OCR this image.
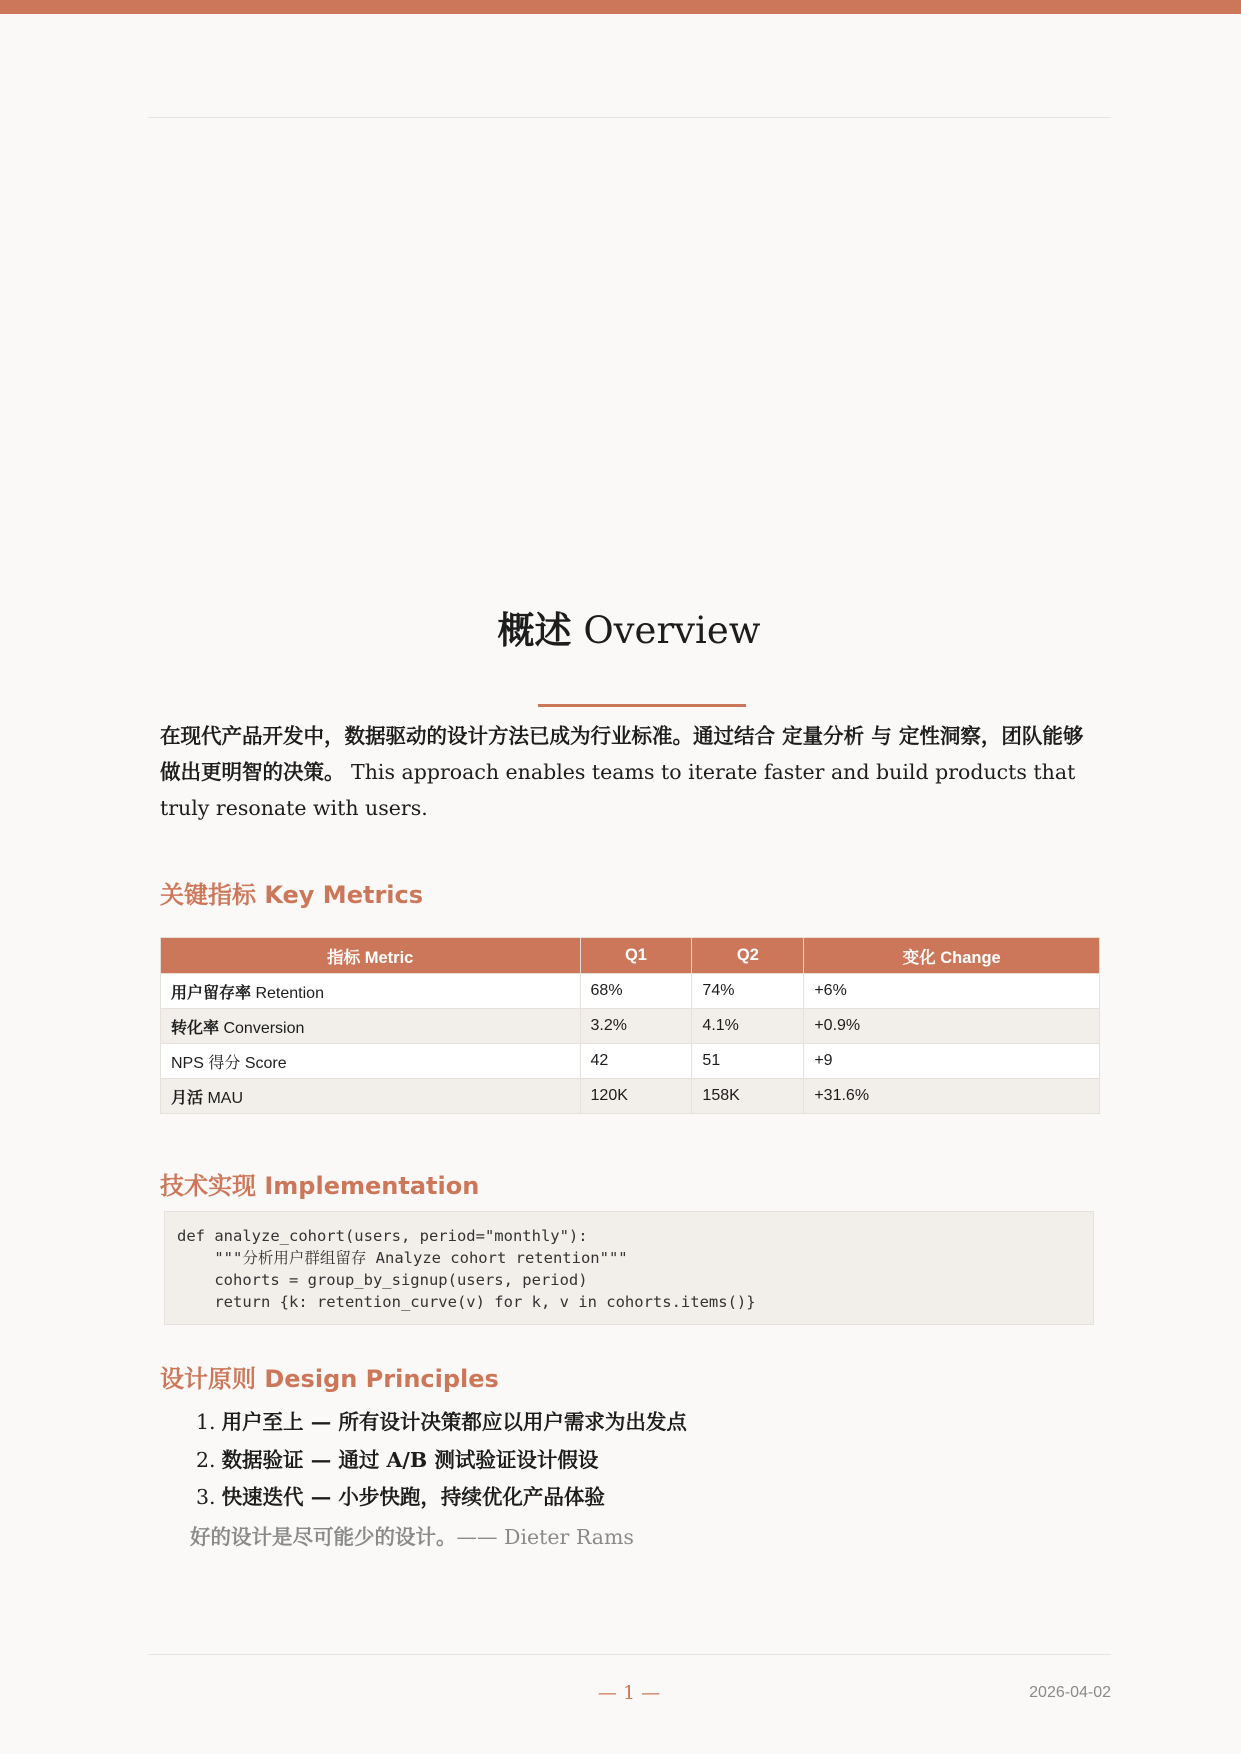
概述 Overview

在现代产品开发中，数据驱动的设计方法已成为行业标准。通过结合 定量分析 与 定性洞察，团队能够做出更明智的决策。 This approach enables teams to iterate faster and build products that truly resonate with users.

关键指标 Key Metrics
指标 Metric	Q1	Q2	变化 Change
用户留存率 Retention	68%	74%	+6%
转化率 Conversion	3.2%	4.1%	+0.9%
NPS 得分 Score	42	51	+9
月活 MAU	120K	158K	+31.6%
技术实现 Implementation
def analyze_cohort(users, period="monthly"):
"""分析用户群组留存 Analyze cohort retention"""
cohorts = group_by_signup(users, period)
return {k: retention_curve(v) for k, v in cohorts.items()}
设计原则 Design Principles
1. 用户至上 — 所有设计决策都应以用户需求为出发点
2. 数据验证 — 通过 A/B 测试验证设计假设
3. 快速迭代 — 小步快跑，持续优化产品体验

好的设计是尽可能少的设计。—— Dieter Rams

— 1 —	2026-04-02
